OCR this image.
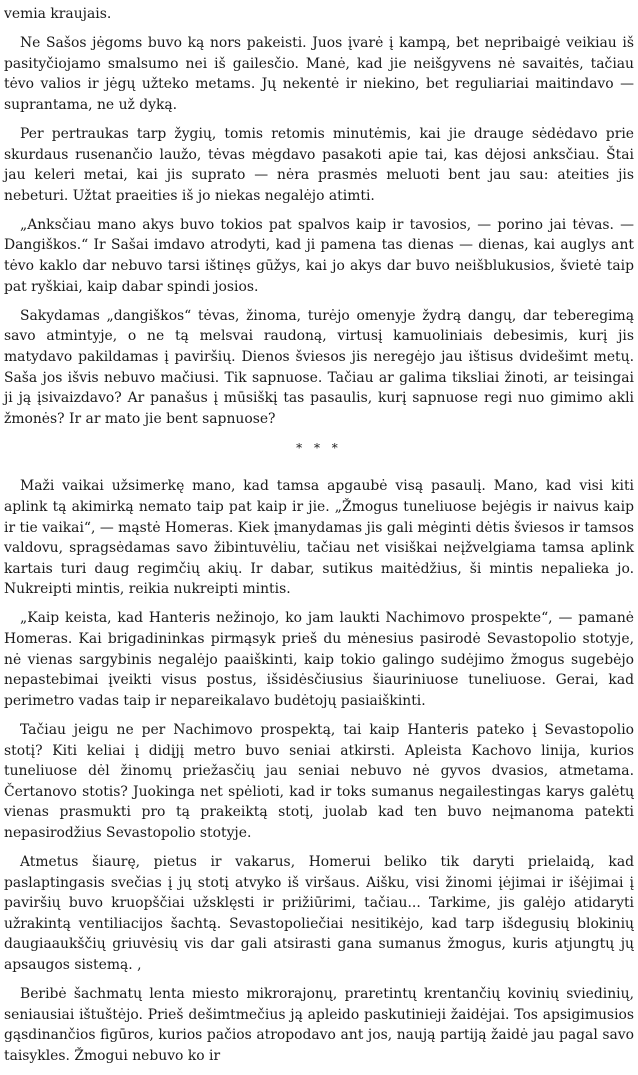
vemia kraujais.

Ne Sašos jėgoms buvo ką nors pakeisti. Juos įvarė į kampą, bet nepribaigė veikiau iš pasityčiojamo smalsumo nei iš gailesčio. Manė, kad jie neišgyvens nė savaitės, tačiau tėvo valios ir jėgų užteko metams. Jų nekentė ir niekino, bet reguliariai maitindavo — suprantama, ne už dyką.

Per pertraukas tarp žygių, tomis retomis minutėmis, kai jie drauge sėdėdavo prie skurdaus rusenančio laužo, tėvas mėgdavo pasakoti apie tai, kas dėjosi anksčiau. Štai jau keleri metai, kai jis suprato — nėra prasmės meluoti bent jau sau: ateities jis nebeturi. Užtat praeities iš jo niekas negalėjo atimti.

„Anksčiau mano akys buvo tokios pat spalvos kaip ir tavosios, — porino jai tėvas. — Dangiškos.“ Ir Sašai imdavo atrodyti, kad ji pamena tas dienas — dienas, kai auglys ant tėvo kaklo dar nebuvo tarsi ištinęs gūžys, kai jo akys dar buvo neišblukusios, švietė taip pat ryškiai, kaip dabar spindi josios.

Sakydamas „dangiškos“ tėvas, žinoma, turėjo omenyje žydrą dangų, dar teberegimą savo atmintyje, o ne tą melsvai raudoną, virtusį kamuoliniais debesimis, kurį jis matydavo pakildamas į paviršių. Dienos šviesos jis neregėjo jau ištisus dvidešimt metų. Saša jos išvis nebuvo mačiusi. Tik sapnuose. Tačiau ar galima tiksliai žinoti, ar teisingai ji ją įsivaizdavo? Ar panašus į mūsiškį tas pasaulis, kurį sapnuose regi nuo gimimo akli žmonės? Ir ar mato jie bent sapnuose?

* * *

Maži vaikai užsimerkę mano, kad tamsa apgaubė visą pasaulį. Mano, kad visi kiti aplink tą akimirką nemato taip pat kaip ir jie. „Žmogus tuneliuose bejėgis ir naivus kaip ir tie vaikai“, — mąstė Homeras. Kiek įmanydamas jis gali mėginti dėtis šviesos ir tamsos valdovu, spragsėdamas savo žibintuvėliu, tačiau net visiškai neįžvelgiama tamsa aplink kartais turi daug regimčių akių. Ir dabar, sutikus maitėdžius, ši mintis nepalieka jo. Nukreipti mintis, reikia nukreipti mintis.

„Kaip keista, kad Hanteris nežinojo, ko jam laukti Nachimovo prospekte“, — pamanė Homeras. Kai brigadininkas pirmąsyk prieš du mėnesius pasirodė Sevastopolio stotyje, nė vienas sargybinis negalėjo paaiškinti, kaip tokio galingo sudėjimo žmogus sugebėjo nepastebimai įveikti visus postus, išsidėsčiusius šiauriniuose tuneliuose. Gerai, kad perimetro vadas taip ir nepareikalavo budėtojų pasiaiškinti.

Tačiau jeigu ne per Nachimovo prospektą, tai kaip Hanteris pateko į Sevastopolio stotį? Kiti keliai į didįjį metro buvo seniai atkirsti. Apleista Kachovo linija, kurios tuneliuose dėl žinomų priežasčių jau seniai nebuvo nė gyvos dvasios, atmetama. Čertanovo stotis? Juokinga net spėlioti, kad ir toks sumanus negailestingas karys galėtų vienas prasmukti pro tą prakeiktą stotį, juolab kad ten buvo neįmanoma patekti nepasirodžius Sevastopolio stotyje.

Atmetus šiaurę, pietus ir vakarus, Homerui beliko tik daryti prielaidą, kad paslaptingasis svečias į jų stotį atvyko iš viršaus. Aišku, visi žinomi įėjimai ir išėjimai į paviršių buvo kruopščiai užsklęsti ir prižiūrimi, tačiau... Tarkime, jis galėjo atidaryti užrakintą ventiliacijos šachtą. Sevastopoliečiai nesitikėjo, kad tarp išdegusių blokinių daugiaaukščių griuvėsių vis dar gali atsirasti gana sumanus žmogus, kuris atjungtų jų apsaugos sistemą. ,

Beribė šachmatų lenta miesto mikrorajonų, praretintų krentančių kovinių sviedinių, seniausiai ištuštėjo. Prieš dešimtmečius ją apleido paskutinieji žaidėjai. Tos apsigimusios gąsdinančios figūros, kurios pačios atropodavo ant jos, naują partiją žaidė jau pagal savo taisykles. Žmogui nebuvo ko ir
